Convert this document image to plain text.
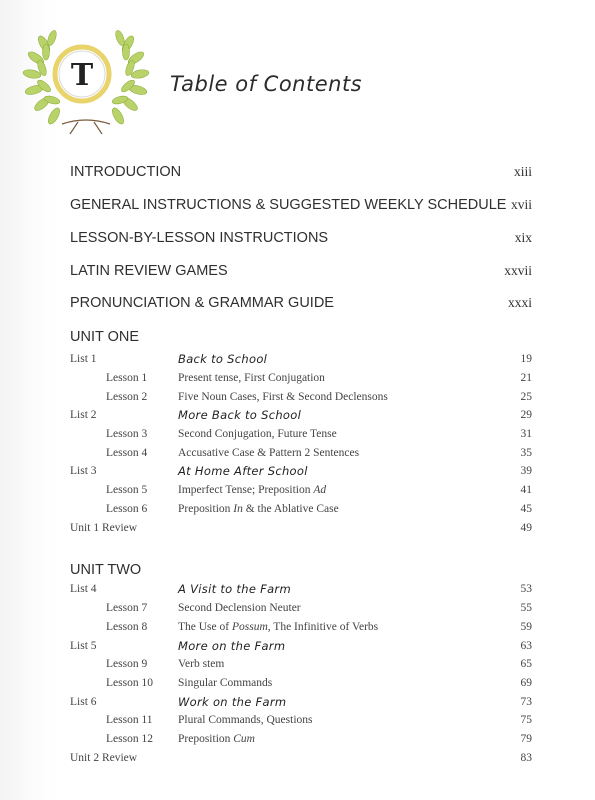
T	Table of Contents
INTRODUCTION	xiii
GENERAL INSTRUCTIONS & SUGGESTED WEEKLY SCHEDULE xvii
LESSON-BY-LESSON INSTRUCTIONS	xix
LATIN REVIEW GAMES	xxvii
PRONUNCIATION & GRAMMAR GUIDE	xxxi
UNIT ONE
List 1	Back to School	19
Lesson 1	Present tense, First Conjugation	21
Lesson 2	Five Noun Cases, First & Second Declensons	25
List 2	More Back to School	29
Lesson 3	Second Conjugation, Future Tense	31
Lesson 4	Accusative Case & Pattern 2 Sentences	35
List 3	At Home After School	39
Lesson 5	Imperfect Tense; Preposition Ad	41
Lesson 6	Preposition In & the Ablative Case	45
Unit 1 Review	49
UNIT TWO
List 4	A Visit to the Farm	53
Lesson 7	Second Declension Neuter	55
Lesson 8	The Use of Possum, The Infinitive of Verbs	59
List 5	More on the Farm	63
Lesson 9	Verb stem	65
Lesson 10 Singular Commands	69
List 6	Work on the Farm	73
Lesson 11 Plural Commands, Questions	75
Lesson 12 Preposition Cum	79
Unit 2 Review	83
